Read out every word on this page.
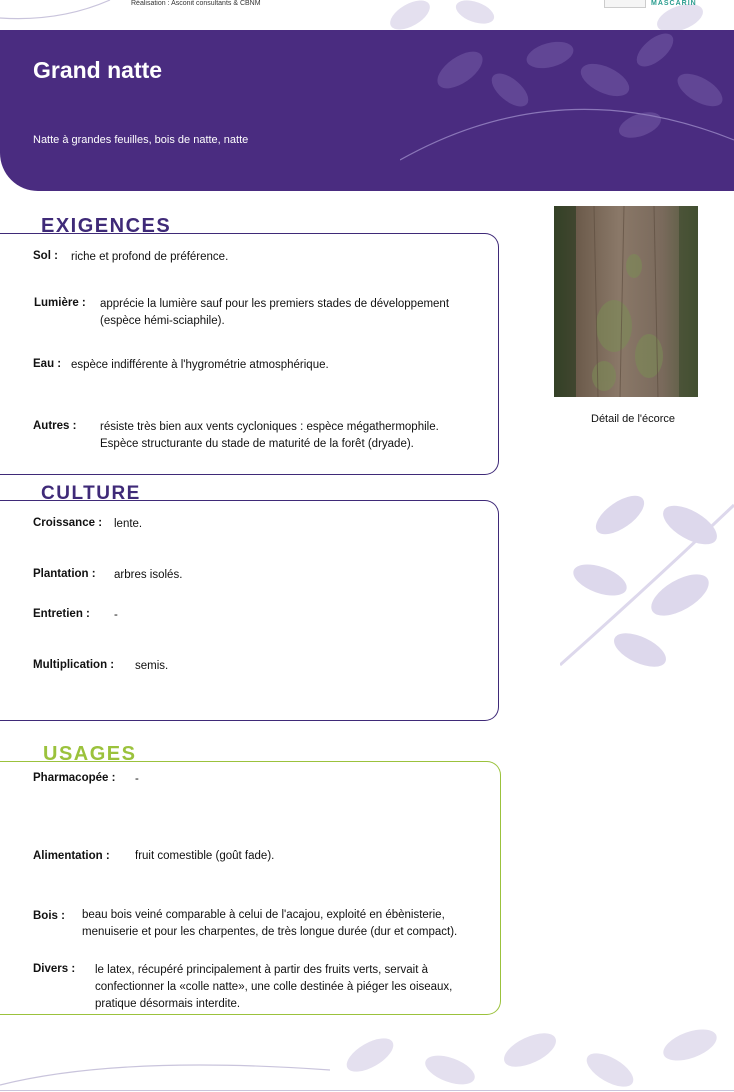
Réalisation : Asconit consultants & CBNM	MASCARIN
Grand natte
Natte à grandes feuilles, bois de natte, natte
EXIGENCES
Sol : riche et profond de préférence.
Lumière : apprécie la lumière sauf pour les premiers stades de développement
(espèce hémi-sciaphile).
Eau : espèce indifférente à l'hygrométrie atmosphérique.
Autres : résiste très bien aux vents cycloniques : espèce mégathermophile.
Espèce structurante du stade de maturité de la forêt (dryade).
CULTURE
Croissance : lente.
Plantation : arbres isolés.
Entretien : -
Multiplication : semis.
USAGES
Pharmacopée : -
Alimentation : fruit comestible (goût fade).
Bois : beau bois veiné comparable à celui de l'acajou, exploité en ébènisterie,
menuiserie et pour les charpentes, de très longue durée (dur et compact).
Divers : le latex, récupéré principalement à partir des fruits verts, servait à
confectionner la «colle natte», une colle destinée à piéger les oiseaux,
pratique désormais interdite.
Détail de l'écorce
